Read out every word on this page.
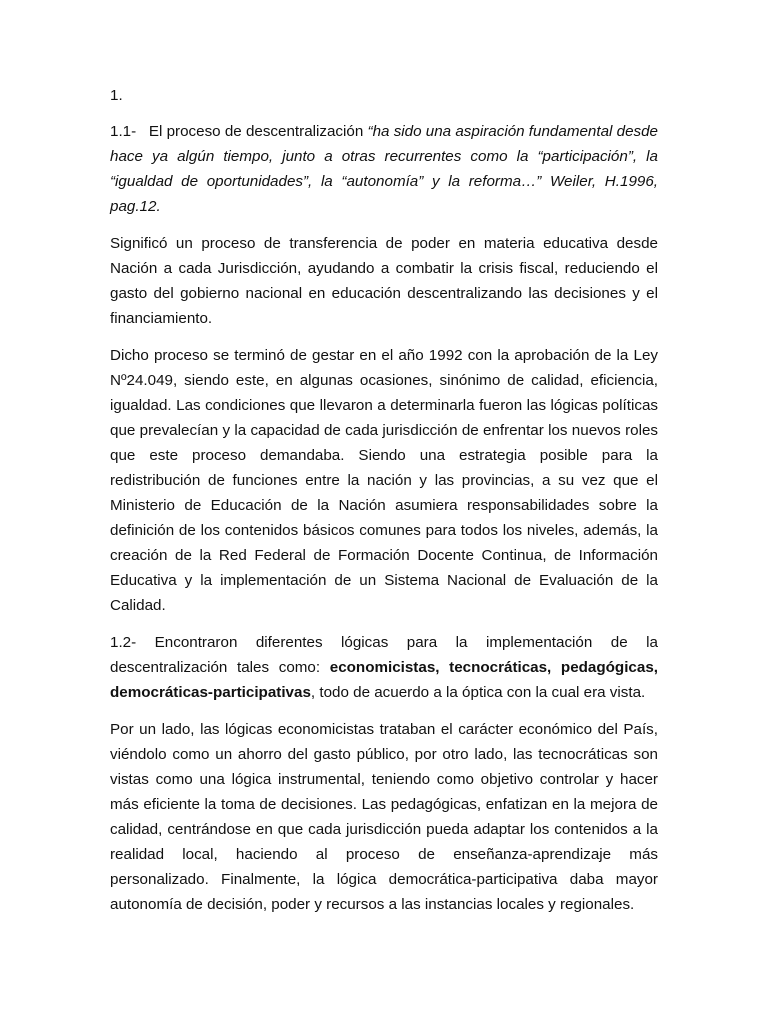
1.

1.1-   El proceso de descentralización “ha sido una aspiración fundamental desde hace ya algún tiempo, junto a otras recurrentes como la “participación”, la “igualdad de oportunidades”, la “autonomía” y la reforma…” Weiler, H.1996, pag.12.

Significó un proceso de transferencia de poder en materia educativa desde Nación a cada Jurisdicción, ayudando a combatir la crisis fiscal, reduciendo el gasto del gobierno nacional en educación descentralizando las decisiones y el financiamiento.

Dicho proceso se terminó de gestar en el año 1992 con la aprobación de la Ley Nº24.049, siendo este, en algunas ocasiones, sinónimo de calidad, eficiencia, igualdad. Las condiciones que llevaron a determinarla fueron las lógicas políticas que prevalecían y la capacidad de cada jurisdicción de enfrentar los nuevos roles que este proceso demandaba. Siendo una estrategia posible para la redistribución de funciones entre la nación y las provincias, a su vez que el Ministerio de Educación de la Nación asumiera responsabilidades sobre la definición de los contenidos básicos comunes para todos los niveles, además, la creación de la Red Federal de Formación Docente Continua, de Información Educativa y la implementación de un Sistema Nacional de Evaluación de la Calidad.

1.2- Encontraron diferentes lógicas para la implementación de la descentralización tales como: economicistas, tecnocráticas, pedagógicas, democráticas-participativas, todo de acuerdo a la óptica con la cual era vista.

Por un lado, las lógicas economicistas trataban el carácter económico del País, viéndolo como un ahorro del gasto público, por otro lado, las tecnocráticas son vistas como una lógica instrumental, teniendo como objetivo controlar y hacer más eficiente la toma de decisiones. Las pedagógicas, enfatizan en la mejora de calidad, centrándose en que cada jurisdicción pueda adaptar los contenidos a la realidad local, haciendo al proceso de enseñanza-aprendizaje más personalizado. Finalmente, la lógica democrática-participativa daba mayor autonomía de decisión, poder y recursos a las instancias locales y regionales.
